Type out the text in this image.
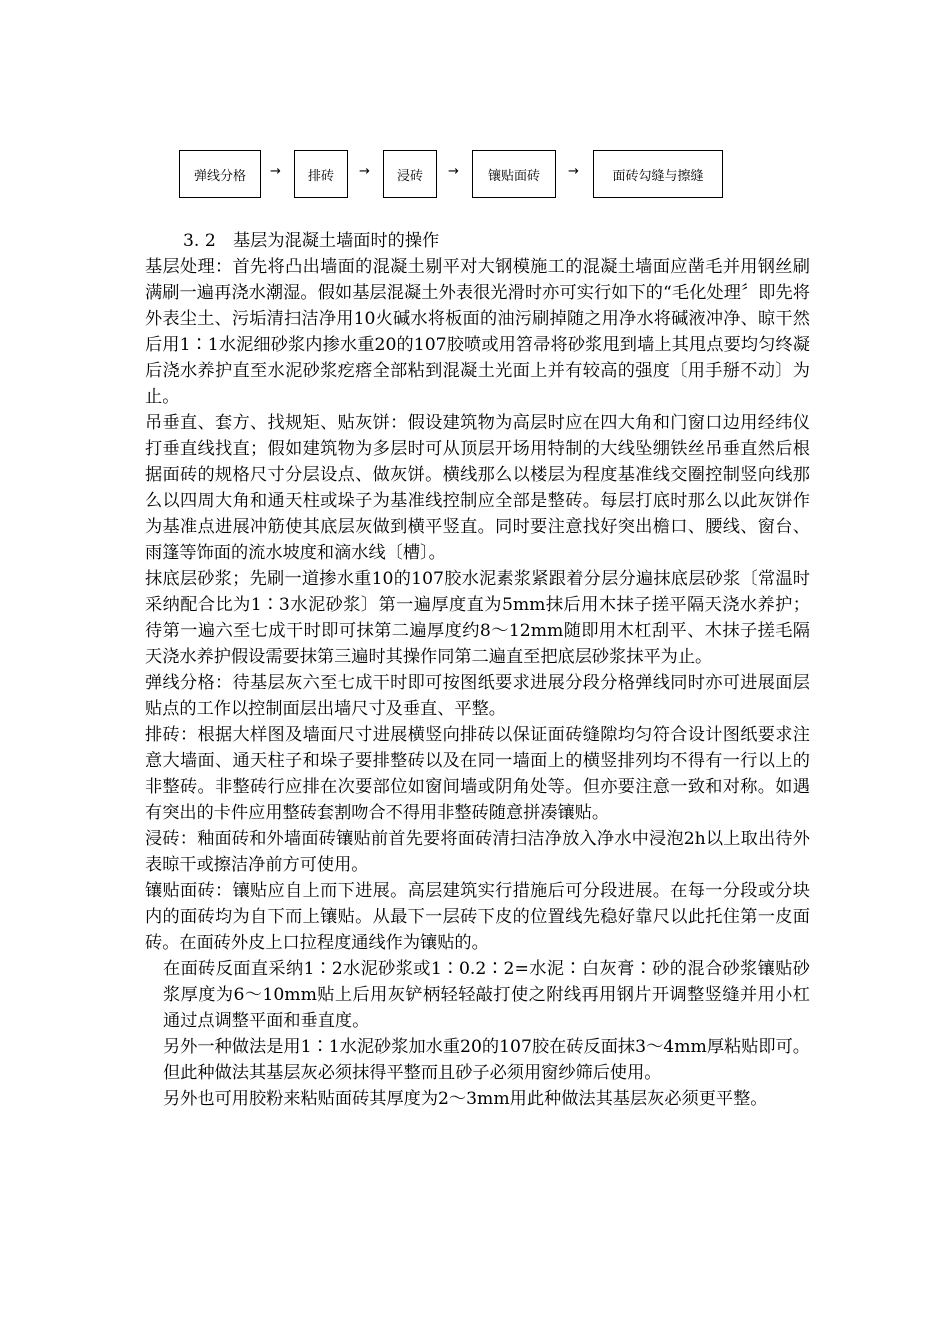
弹线分格	→	排砖	→	浸砖	→	镶贴面砖	→	面砖勾缝与擦缝

3. 2　基层为混凝土墙面时的操作

基层处理：首先将凸出墙面的混凝土剔平对大钢模施工的混凝土墙面应凿毛并用钢丝刷满刷一遍再浇水潮湿。假如基层混凝土外表很光滑时亦可实行如下的“毛化处理〞即先将外表尘土、污垢清扫洁净用10火碱水将板面的油污刷掉随之用净水将碱液冲净、晾干然后用1∶1水泥细砂浆内掺水重20的107胶喷或用笤帚将砂浆甩到墙上其甩点要均匀终凝后浇水养护直至水泥砂浆疙瘩全部粘到混凝土光面上并有较高的强度〔用手掰不动〕为止。

吊垂直、套方、找规矩、贴灰饼：假设建筑物为高层时应在四大角和门窗口边用经纬仪打垂直线找直；假如建筑物为多层时可从顶层开场用特制的大线坠绷铁丝吊垂直然后根据面砖的规格尺寸分层设点、做灰饼。横线那么以楼层为程度基准线交圈控制竖向线那么以四周大角和通天柱或垛子为基准线控制应全部是整砖。每层打底时那么以此灰饼作为基准点进展冲筋使其底层灰做到横平竖直。同时要注意找好突出檐口、腰线、窗台、雨篷等饰面的流水坡度和滴水线〔槽〕。

抹底层砂浆；先刷一道掺水重10的107胶水泥素浆紧跟着分层分遍抹底层砂浆〔常温时采纳配合比为1∶3水泥砂浆〕第一遍厚度直为5mm抹后用木抹子搓平隔天浇水养护；待第一遍六至七成干时即可抹第二遍厚度约8～12mm随即用木杠刮平、木抹子搓毛隔天浇水养护假设需要抹第三遍时其操作同第二遍直至把底层砂浆抹平为止。

弹线分格：待基层灰六至七成干时即可按图纸要求进展分段分格弹线同时亦可进展面层贴点的工作以控制面层出墙尺寸及垂直、平整。

排砖：根据大样图及墙面尺寸进展横竖向排砖以保证面砖缝隙均匀符合设计图纸要求注意大墙面、通天柱子和垛子要排整砖以及在同一墙面上的横竖排列均不得有一行以上的非整砖。非整砖行应排在次要部位如窗间墙或阴角处等。但亦要注意一致和对称。如遇有突出的卡件应用整砖套割吻合不得用非整砖随意拼凑镶贴。

浸砖：釉面砖和外墙面砖镶贴前首先要将面砖清扫洁净放入净水中浸泡2h以上取出待外表晾干或擦洁净前方可使用。

镶贴面砖：镶贴应自上而下进展。高层建筑实行措施后可分段进展。在每一分段或分块内的面砖均为自下而上镶贴。从最下一层砖下皮的位置线先稳好靠尺以此托住第一皮面砖。在面砖外皮上口拉程度通线作为镶贴的。

在面砖反面直采纳1∶2水泥砂浆或1∶0.2∶2=水泥∶白灰膏∶砂的混合砂浆镶贴砂浆厚度为6～10mm贴上后用灰铲柄轻轻敲打使之附线再用钢片开调整竖缝并用小杠通过点调整平面和垂直度。

另外一种做法是用1∶1水泥砂浆加水重20的107胶在砖反面抹3～4mm厚粘贴即可。但此种做法其基层灰必须抹得平整而且砂子必须用窗纱筛后使用。

另外也可用胶粉来粘贴面砖其厚度为2～3mm用此种做法其基层灰必须更平整。
